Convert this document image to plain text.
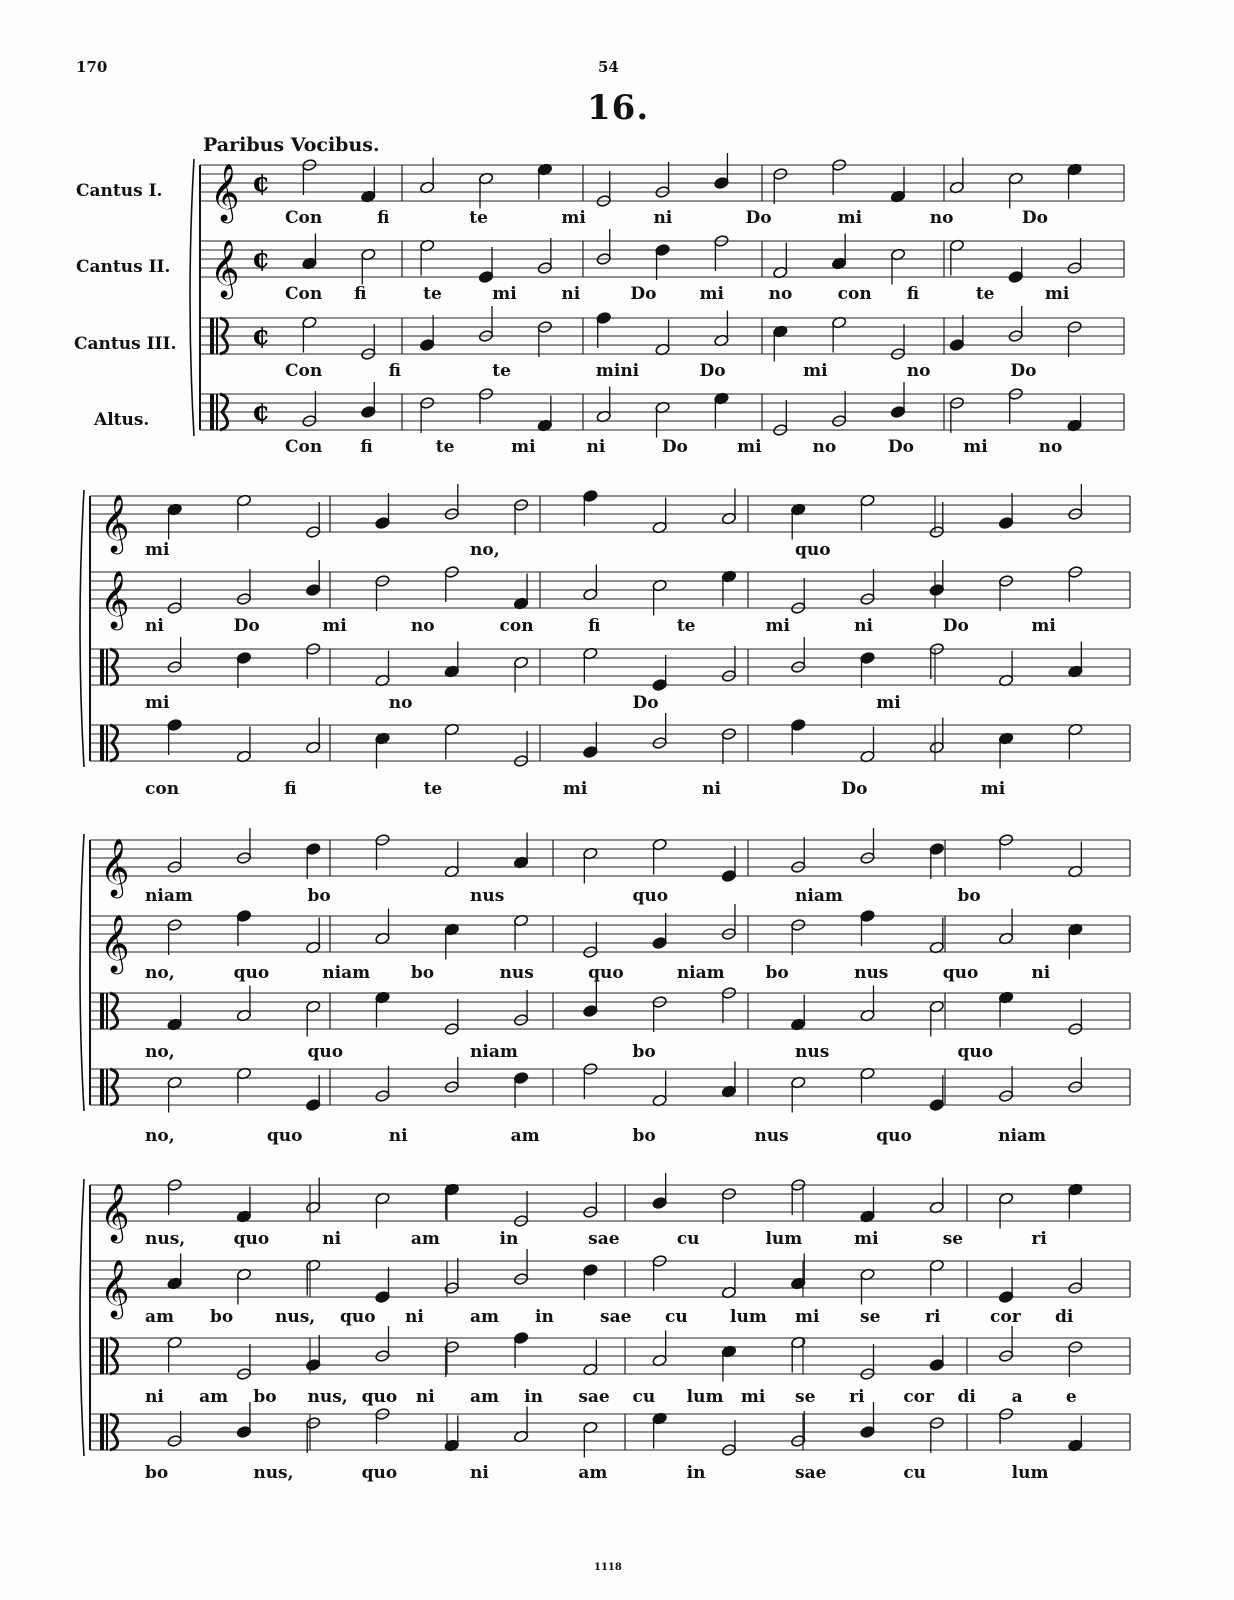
170	54
16.
Paribus Vocibus.
Cantus I.
Cantus II.
Cantus III.
Altus.
𝄞 ¢
𝄞 ¢
¢
¢
𝄞
𝄞
𝄞
𝄞
𝄞
𝄞
Con	fi	te	mi	ni	Do	mi	no	Do
Con fi	te	mi	ni	Do	mi	no	con fi	te	mi
Con	fi	te	mini	Do	mi	no	Do
Con fi	te	mi	ni	Do	mi	no	Do	mi	no
mi	no,	quo
ni	Do	mi	no	con	fi	te	mi	ni	Do	mi
mi	no	Do	mi
con	fi	te	mi	ni	Do	mi
niam	bo	nus	quo	niam	bo
no,	quo	niam bo	nus	quo	niam bo	nus	quo	ni
no,	quo	niam	bo	nus	quo
no,	quo	ni	am	bo	nus	quo	niam
nus,	quo	ni	am	in	sae	cu	lum	mi	se	ri
am bo nus, quo ni	am in	sae cu lum mi se	ri	cor di
ni am bo nus, quo ni am in sae cu lum mi se ri cor di a	e
bo	nus,	quo	ni	am	in	sae	cu	lum
1118
